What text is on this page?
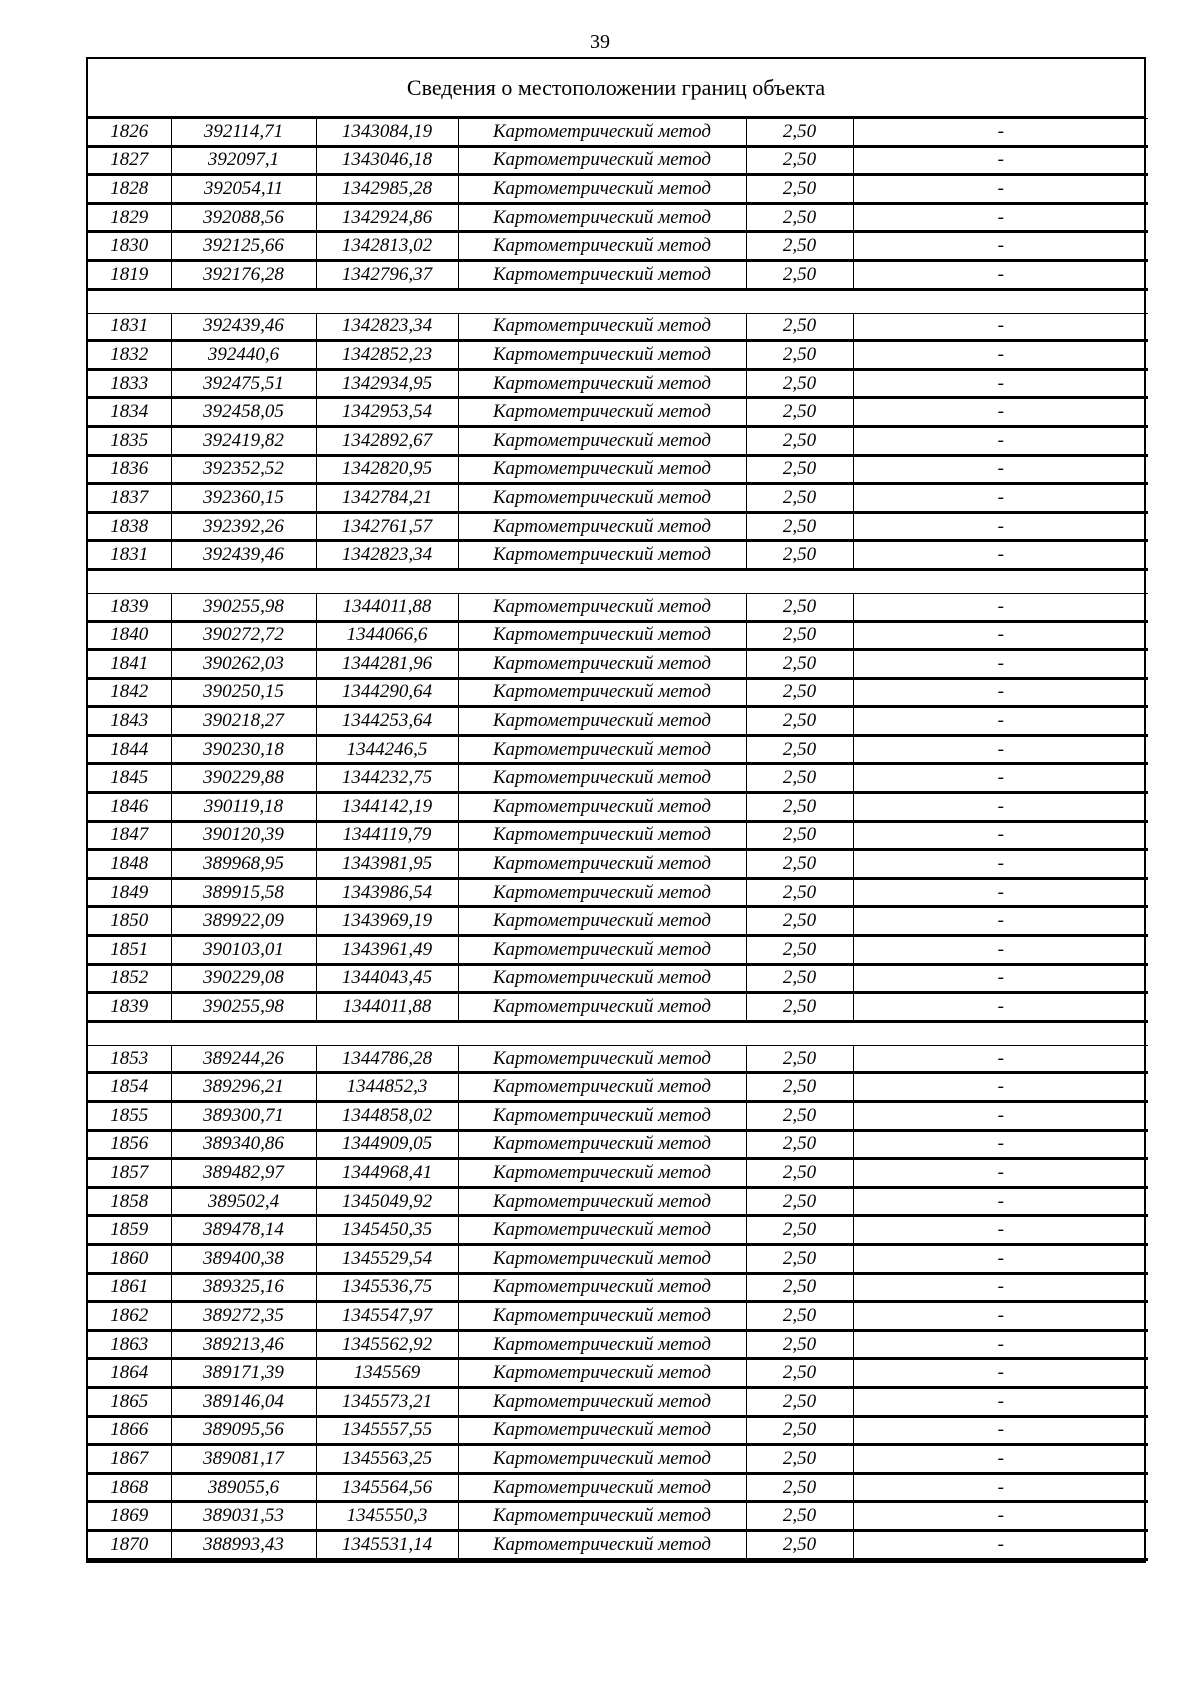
39
Сведения о местоположении границ объекта
1826	392114,71	1343084,19	Картометрический метод	2,50	-
1827	392097,1	1343046,18	Картометрический метод	2,50	-
1828	392054,11	1342985,28	Картометрический метод	2,50	-
1829	392088,56	1342924,86	Картометрический метод	2,50	-
1830	392125,66	1342813,02	Картометрический метод	2,50	-
1819	392176,28	1342796,37	Картометрический метод	2,50	-

1831	392439,46	1342823,34	Картометрический метод	2,50	-
1832	392440,6	1342852,23	Картометрический метод	2,50	-
1833	392475,51	1342934,95	Картометрический метод	2,50	-
1834	392458,05	1342953,54	Картометрический метод	2,50	-
1835	392419,82	1342892,67	Картометрический метод	2,50	-
1836	392352,52	1342820,95	Картометрический метод	2,50	-
1837	392360,15	1342784,21	Картометрический метод	2,50	-
1838	392392,26	1342761,57	Картометрический метод	2,50	-
1831	392439,46	1342823,34	Картометрический метод	2,50	-

1839	390255,98	1344011,88	Картометрический метод	2,50	-
1840	390272,72	1344066,6	Картометрический метод	2,50	-
1841	390262,03	1344281,96	Картометрический метод	2,50	-
1842	390250,15	1344290,64	Картометрический метод	2,50	-
1843	390218,27	1344253,64	Картометрический метод	2,50	-
1844	390230,18	1344246,5	Картометрический метод	2,50	-
1845	390229,88	1344232,75	Картометрический метод	2,50	-
1846	390119,18	1344142,19	Картометрический метод	2,50	-
1847	390120,39	1344119,79	Картометрический метод	2,50	-
1848	389968,95	1343981,95	Картометрический метод	2,50	-
1849	389915,58	1343986,54	Картометрический метод	2,50	-
1850	389922,09	1343969,19	Картометрический метод	2,50	-
1851	390103,01	1343961,49	Картометрический метод	2,50	-
1852	390229,08	1344043,45	Картометрический метод	2,50	-
1839	390255,98	1344011,88	Картометрический метод	2,50	-

1853	389244,26	1344786,28	Картометрический метод	2,50	-
1854	389296,21	1344852,3	Картометрический метод	2,50	-
1855	389300,71	1344858,02	Картометрический метод	2,50	-
1856	389340,86	1344909,05	Картометрический метод	2,50	-
1857	389482,97	1344968,41	Картометрический метод	2,50	-
1858	389502,4	1345049,92	Картометрический метод	2,50	-
1859	389478,14	1345450,35	Картометрический метод	2,50	-
1860	389400,38	1345529,54	Картометрический метод	2,50	-
1861	389325,16	1345536,75	Картометрический метод	2,50	-
1862	389272,35	1345547,97	Картометрический метод	2,50	-
1863	389213,46	1345562,92	Картометрический метод	2,50	-
1864	389171,39	1345569	Картометрический метод	2,50	-
1865	389146,04	1345573,21	Картометрический метод	2,50	-
1866	389095,56	1345557,55	Картометрический метод	2,50	-
1867	389081,17	1345563,25	Картометрический метод	2,50	-
1868	389055,6	1345564,56	Картометрический метод	2,50	-
1869	389031,53	1345550,3	Картометрический метод	2,50	-
1870	388993,43	1345531,14	Картометрический метод	2,50	-
